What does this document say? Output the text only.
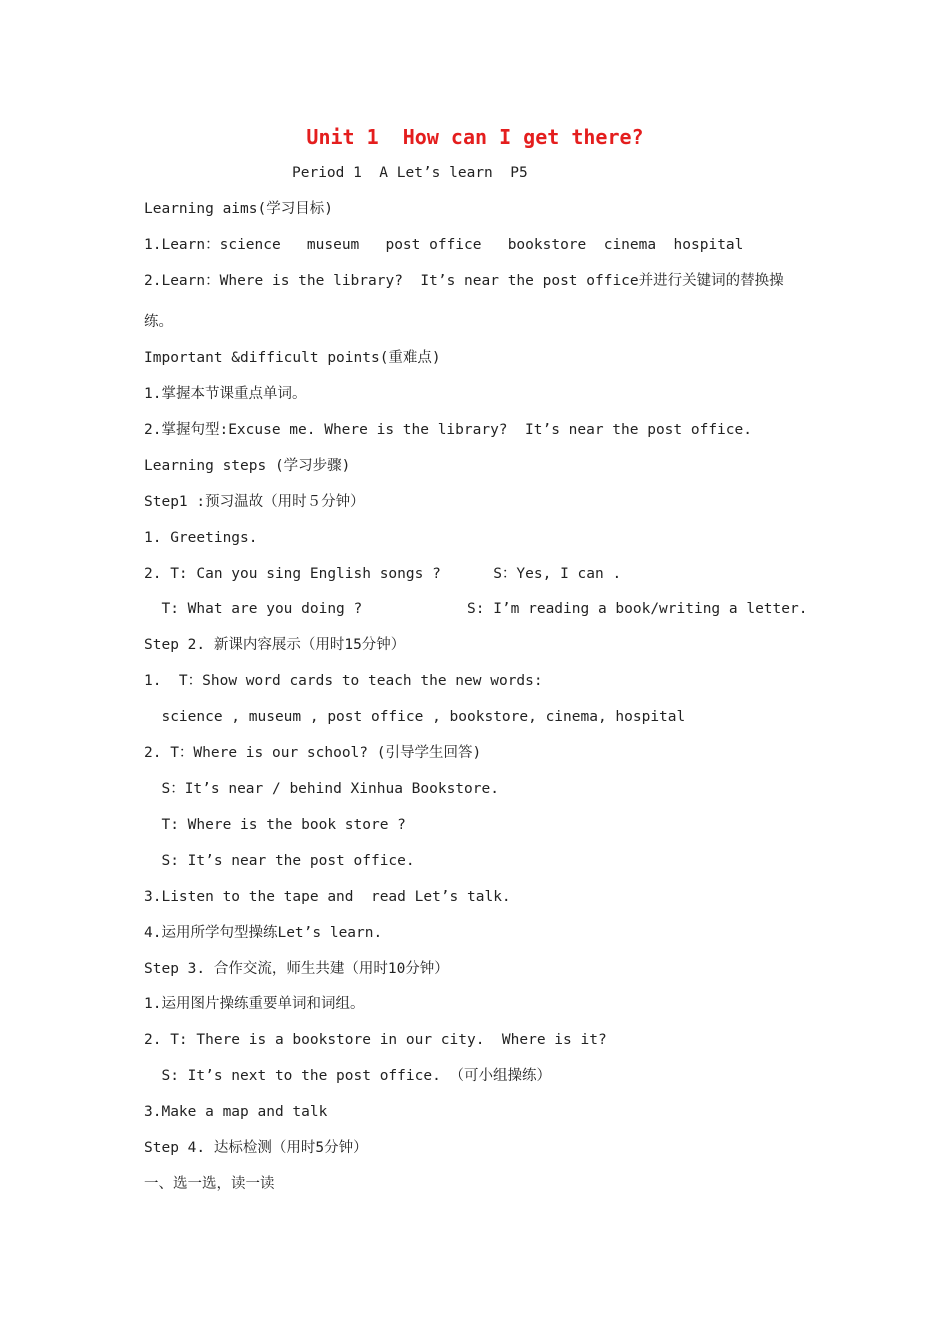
Unit 1  How can I get there?

Period 1  A Let’s learn  P5

Learning aims(学习目标)

1.Learn：science   museum   post office   bookstore  cinema  hospital

2.Learn：Where is the library?  It’s near the post office并进行关键词的替换操

练。

Important &difficult points(重难点)

1.掌握本节课重点单词。

2.掌握句型:Excuse me. Where is the library?  It’s near the post office.

Learning steps (学习步骤)

Step1 :预习温故（用时５分钟）

1. Greetings.

2. T: Can you sing English songs ?      S：Yes, I can .

T: What are you doing ?            S: I’m reading a book/writing a letter.

Step 2. 新课内容展示（用时15分钟）

1.  T：Show word cards to teach the new words:

science , museum , post office , bookstore, cinema, hospital

2. T：Where is our school? (引导学生回答)

S：It’s near / behind Xinhua Bookstore.

T: Where is the book store ?

S: It’s near the post office.

3.Listen to the tape and  read Let’s talk.

4.运用所学句型操练Let’s learn.

Step 3. 合作交流，师生共建（用时10分钟）

1.运用图片操练重要单词和词组。

2. T: There is a bookstore in our city.  Where is it?

S: It’s next to the post office. （可小组操练）

3.Make a map and talk

Step 4. 达标检测（用时5分钟）

一、选一选，读一读
